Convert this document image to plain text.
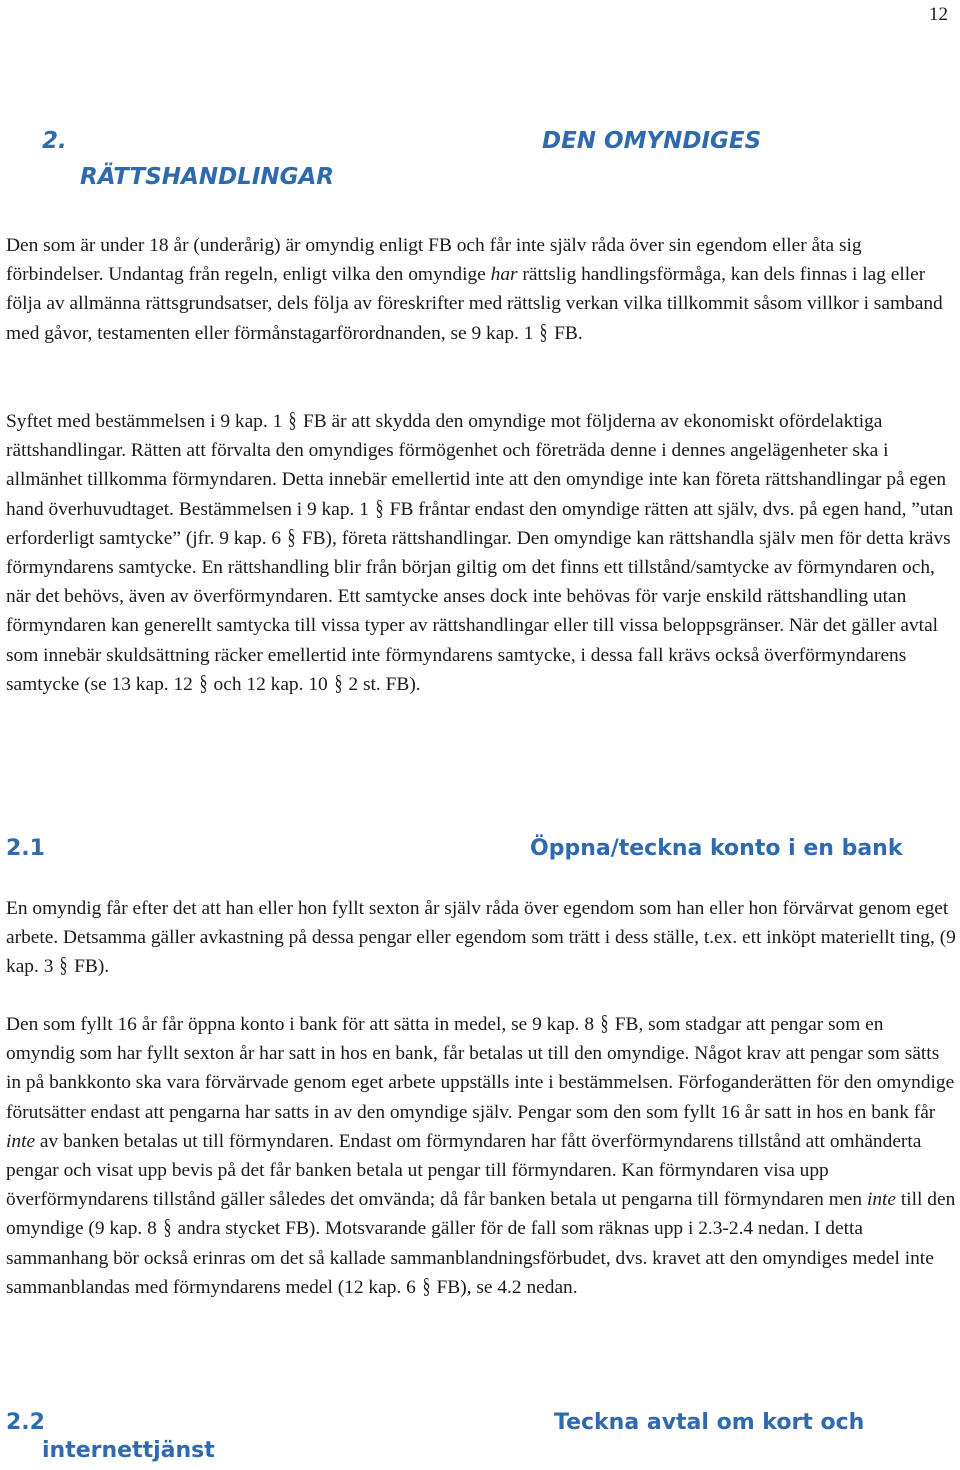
12
2.	DEN OMYNDIGES
RÄTTSHANDLINGAR

Den som är under 18 år (underårig) är omyndig enligt FB och får inte själv råda över sin egendom eller åta sig förbindelser. Undantag från regeln, enligt vilka den omyndige har rättslig handlingsförmåga, kan dels finnas i lag eller följa av allmänna rättsgrundsatser, dels följa av föreskrifter med rättslig verkan vilka tillkommit såsom villkor i samband med gåvor, testamenten eller förmånstagarförordnanden, se 9 kap. 1 § FB.

Syftet med bestämmelsen i 9 kap. 1 § FB är att skydda den omyndige mot följderna av ekonomiskt ofördelaktiga rättshandlingar. Rätten att förvalta den omyndiges förmögenhet och företräda denne i dennes angelägenheter ska i allmänhet tillkomma förmyndaren. Detta innebär emellertid inte att den omyndige inte kan företa rättshandlingar på egen hand överhuvudtaget. Bestämmelsen i 9 kap. 1 § FB fråntar endast den omyndige rätten att själv, dvs. på egen hand, ”utan erforderligt samtycke” (jfr. 9 kap. 6 § FB), företa rättshandlingar. Den omyndige kan rättshandla själv men för detta krävs förmyndarens samtycke. En rättshandling blir från början giltig om det finns ett tillstånd/samtycke av förmyndaren och, när det behövs, även av överförmyndaren. Ett samtycke anses dock inte behövas för varje enskild rättshandling utan förmyndaren kan generellt samtycka till vissa typer av rättshandlingar eller till vissa beloppsgränser. När det gäller avtal som innebär skuldsättning räcker emellertid inte förmyndarens samtycke, i dessa fall krävs också överförmyndarens samtycke (se 13 kap. 12 § och 12 kap. 10 § 2 st. FB).

2.1	Öppna/teckna konto i en bank

En omyndig får efter det att han eller hon fyllt sexton år själv råda över egendom som han eller hon förvärvat genom eget arbete. Detsamma gäller avkastning på dessa pengar eller egendom som trätt i dess ställe, t.ex. ett inköpt materiellt ting, (9 kap. 3 § FB).

Den som fyllt 16 år får öppna konto i bank för att sätta in medel, se 9 kap. 8 § FB, som stadgar att pengar som en omyndig som har fyllt sexton år har satt in hos en bank, får betalas ut till den omyndige. Något krav att pengar som sätts in på bankkonto ska vara förvärvade genom eget arbete uppställs inte i bestämmelsen. Förfoganderätten för den omyndige förutsätter endast att pengarna har satts in av den omyndige själv. Pengar som den som fyllt 16 år satt in hos en bank får inte av banken betalas ut till förmyndaren. Endast om förmyndaren har fått överförmyndarens tillstånd att omhänderta pengar och visat upp bevis på det får banken betala ut pengar till förmyndaren. Kan förmyndaren visa upp överförmyndarens tillstånd gäller således det omvända; då får banken betala ut pengarna till förmyndaren men inte till den omyndige (9 kap. 8 § andra stycket FB). Motsvarande gäller för de fall som räknas upp i 2.3-2.4 nedan. I detta sammanhang bör också erinras om det så kallade sammanblandningsförbudet, dvs. kravet att den omyndiges medel inte sammanblandas med förmyndarens medel (12 kap. 6 § FB), se 4.2 nedan.

2.2	Teckna avtal om kort och
internettjänst
